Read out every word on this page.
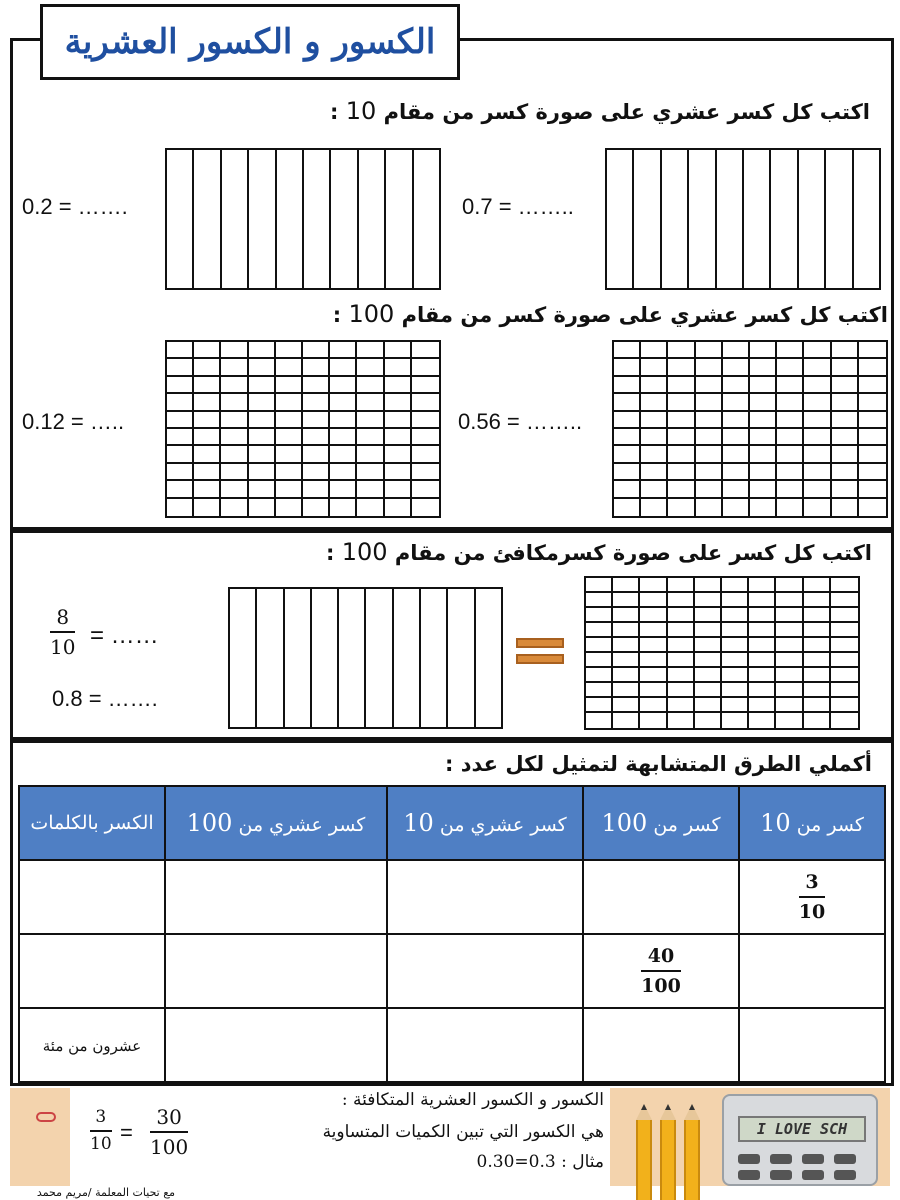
الكسور و الكسور العشرية
اكتب كل كسر عشري على صورة كسر من مقام 10 :
0.2 = …….	0.7 = ……..
اكتب كل كسر عشري على صورة كسر من مقام 100 :
0.12 = …..	0.56 = ……..
اكتب كل كسر على صورة كسرمكافئ من مقام 100 :
8
10 = ……
0.8 = …….
أكملي الطرق المتشابهة لتمثيل لكل عدد :
الكسر بالكلمات	كسر عشري من 100	كسر عشري من 10	كسر من 100	كسر من 10

				$\frac{3}{10}$

			$\frac{40}{100}$

عشرون من مئة				
3
10 =
30
100
الكسور و الكسور العشرية المتكافئة :
هي الكسور التي تبين الكميات المتساوية
مثال : 0.3=0.30
I LOVE SCH
مع تحيات المعلمة /مريم محمد
